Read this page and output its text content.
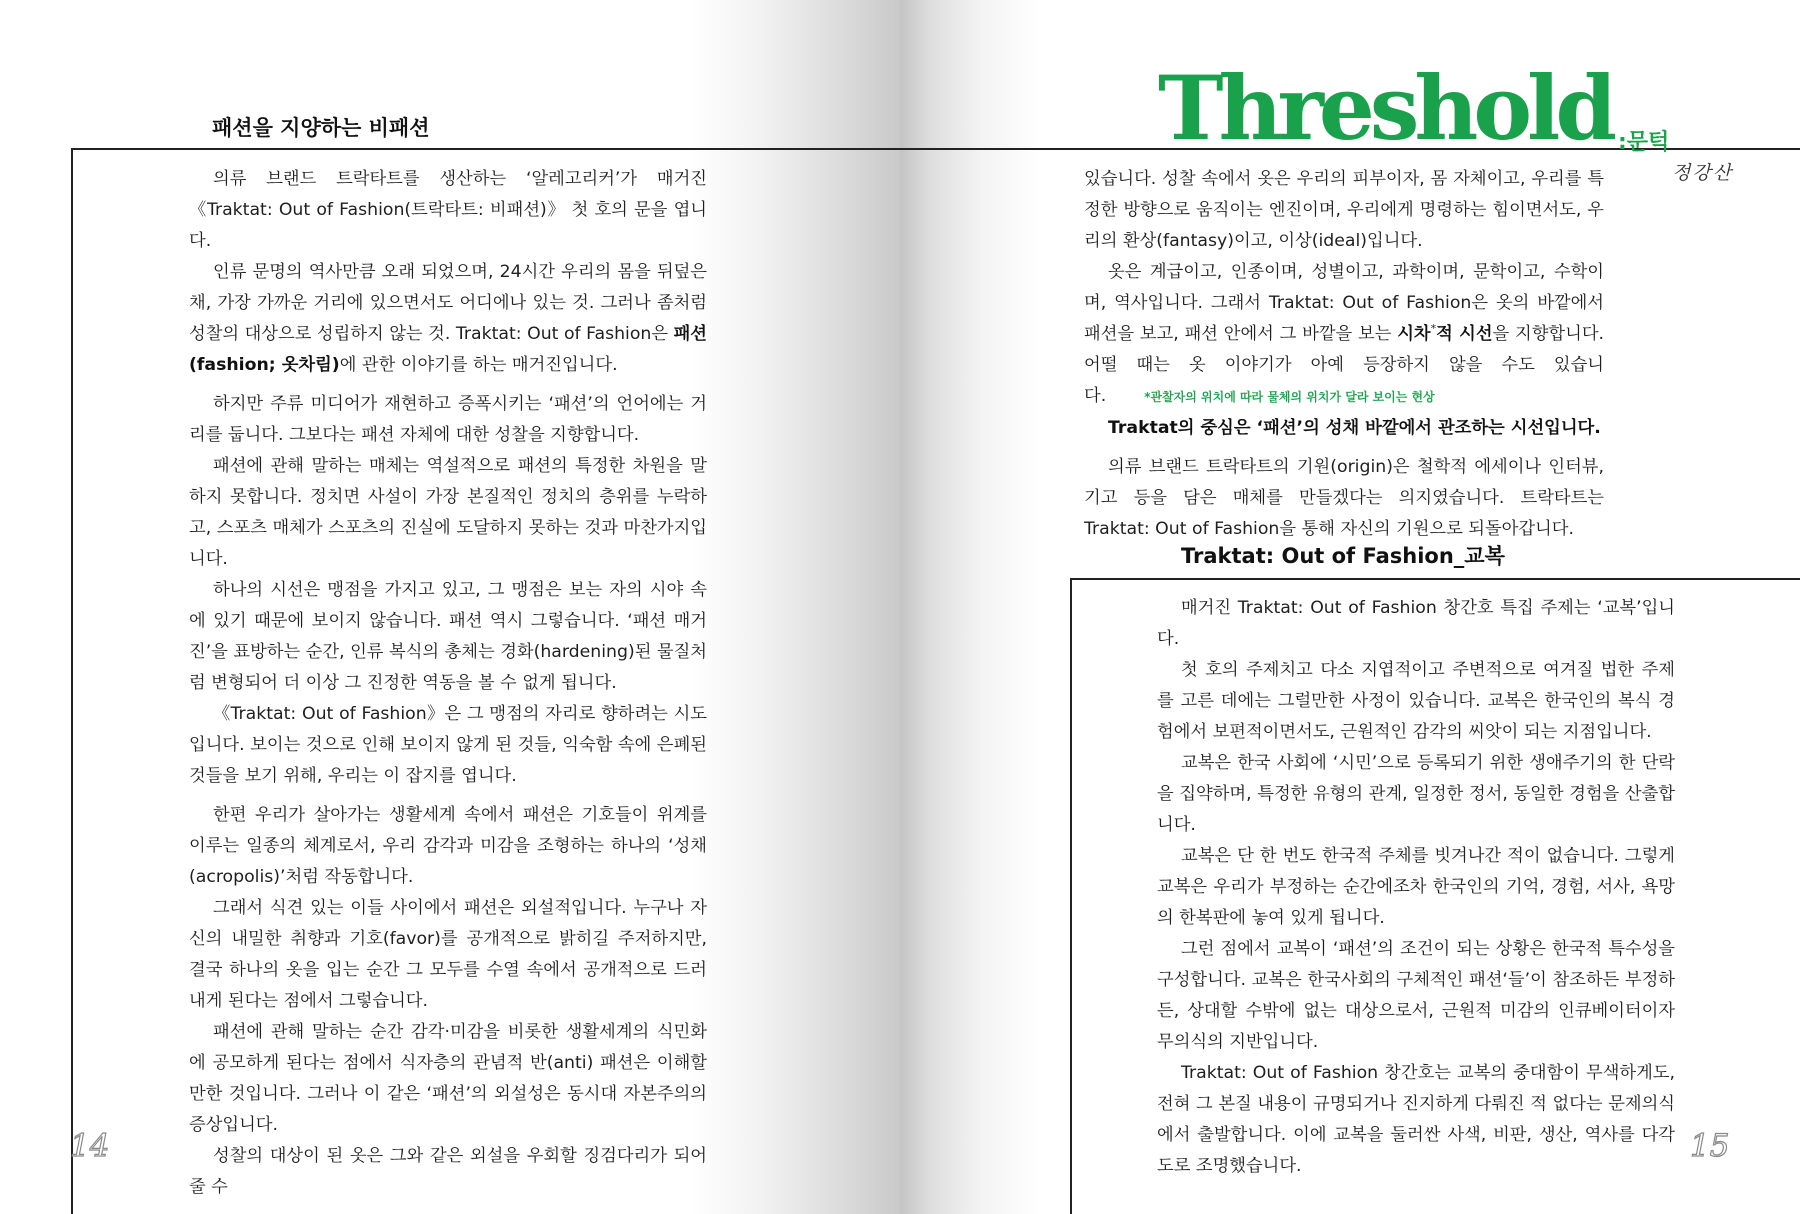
패션을 지양하는 비패션

의류 브랜드 트락타트를 생산하는 ‘알레고리커’가 매거진 《Traktat: Out of Fashion(트락타트: 비패션)》 첫 호의 문을 엽니다.

인류 문명의 역사만큼 오래 되었으며, 24시간 우리의 몸을 뒤덮은 채, 가장 가까운 거리에 있으면서도 어디에나 있는 것. 그러나 좀처럼 성찰의 대상으로 성립하지 않는 것. Traktat: Out of Fashion은 패션(fashion; 옷차림)에 관한 이야기를 하는 매거진입니다.

하지만 주류 미디어가 재현하고 증폭시키는 ‘패션’의 언어에는 거리를 둡니다. 그보다는 패션 자체에 대한 성찰을 지향합니다.

패션에 관해 말하는 매체는 역설적으로 패션의 특정한 차원을 말하지 못합니다. 정치면 사설이 가장 본질적인 정치의 층위를 누락하고, 스포츠 매체가 스포츠의 진실에 도달하지 못하는 것과 마찬가지입니다.

하나의 시선은 맹점을 가지고 있고, 그 맹점은 보는 자의 시야 속에 있기 때문에 보이지 않습니다. 패션 역시 그렇습니다. ‘패션 매거진’을 표방하는 순간, 인류 복식의 총체는 경화(hardening)된 물질처럼 변형되어 더 이상 그 진정한 역동을 볼 수 없게 됩니다.

《Traktat: Out of Fashion》은 그 맹점의 자리로 향하려는 시도입니다. 보이는 것으로 인해 보이지 않게 된 것들, 익숙함 속에 은폐된 것들을 보기 위해, 우리는 이 잡지를 엽니다.

한편 우리가 살아가는 생활세계 속에서 패션은 기호들이 위계를 이루는 일종의 체계로서, 우리 감각과 미감을 조형하는 하나의 ‘성채(acropolis)’처럼 작동합니다.

그래서 식견 있는 이들 사이에서 패션은 외설적입니다. 누구나 자신의 내밀한 취향과 기호(favor)를 공개적으로 밝히길 주저하지만, 결국 하나의 옷을 입는 순간 그 모두를 수열 속에서 공개적으로 드러내게 된다는 점에서 그렇습니다.

패션에 관해 말하는 순간 감각·미감을 비롯한 생활세계의 식민화에 공모하게 된다는 점에서 식자층의 관념적 반(anti) 패션은 이해할만한 것입니다. 그러나 이 같은 ‘패션’의 외설성은 동시대 자본주의의 증상입니다.

성찰의 대상이 된 옷은 그와 같은 외설을 우회할 징검다리가 되어줄 수

14

있습니다. 성찰 속에서 옷은 우리의 피부이자, 몸 자체이고, 우리를 특정한 방향으로 움직이는 엔진이며, 우리에게 명령하는 힘이면서도, 우리의 환상(fantasy)이고, 이상(ideal)입니다.

옷은 계급이고, 인종이며, 성별이고, 과학이며, 문학이고, 수학이며, 역사입니다. 그래서 Traktat: Out of Fashion은 옷의 바깥에서 패션을 보고, 패션 안에서 그 바깥을 보는 시차*적 시선을 지향합니다. 어떨 때는 옷 이야기가 아예 등장하지 않을 수도 있습니다.	*관찰자의 위치에 따라 물체의 위치가 달라 보이는 현상

Traktat의 중심은 ‘패션’의 성채 바깥에서 관조하는 시선입니다.

의류 브랜드 트락타트의 기원(origin)은 철학적 에세이나 인터뷰, 기고 등을 담은 매체를 만들겠다는 의지였습니다. 트락타트는 Traktat: Out of Fashion을 통해 자신의 기원으로 되돌아갑니다.

Traktat: Out of Fashion_교복

매거진 Traktat: Out of Fashion 창간호 특집 주제는 ‘교복’입니다.

첫 호의 주제치고 다소 지엽적이고 주변적으로 여겨질 법한 주제를 고른 데에는 그럴만한 사정이 있습니다. 교복은 한국인의 복식 경험에서 보편적이면서도, 근원적인 감각의 씨앗이 되는 지점입니다.

교복은 한국 사회에 ‘시민’으로 등록되기 위한 생애주기의 한 단락을 집약하며, 특정한 유형의 관계, 일정한 정서, 동일한 경험을 산출합니다.

교복은 단 한 번도 한국적 주체를 빗겨나간 적이 없습니다. 그렇게 교복은 우리가 부정하는 순간에조차 한국인의 기억, 경험, 서사, 욕망의 한복판에 놓여 있게 됩니다.

그런 점에서 교복이 ‘패션’의 조건이 되는 상황은 한국적 특수성을 구성합니다. 교복은 한국사회의 구체적인 패션‘들’이 참조하든 부정하든, 상대할 수밖에 없는 대상으로서, 근원적 미감의 인큐베이터이자 무의식의 지반입니다.

Traktat: Out of Fashion 창간호는 교복의 중대함이 무색하게도, 전혀 그 본질 내용이 규명되거나 진지하게 다뤄진 적 없다는 문제의식에서 출발합니다. 이에 교복을 둘러싼 사색, 비판, 생산, 역사를 다각도로 조명했습니다.

15
Threshold :문턱
정강산
